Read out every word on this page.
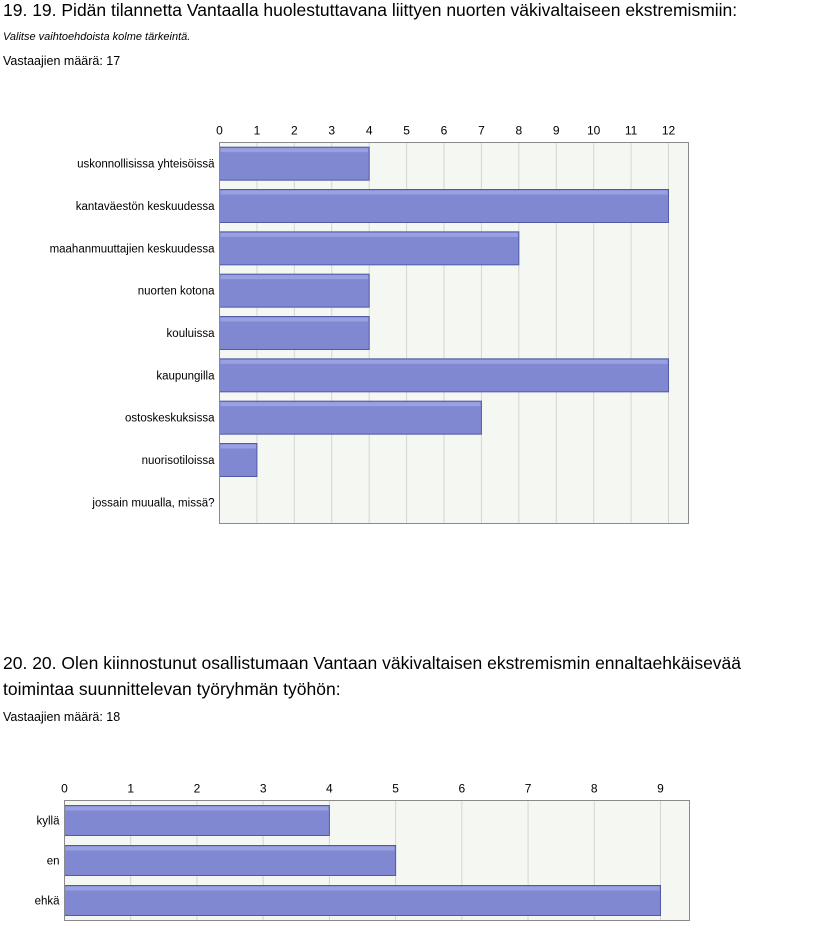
19. 19. Pidän tilannetta Vantaalla huolestuttavana liittyen nuorten väkivaltaiseen ekstremismiin:
Valitse vaihtoehdoista kolme tärkeintä.
Vastaajien määrä: 17
0	1	2	3	4	5	6	7	8	9 10 11 12
uskonnollisissa yhteisöissä
kantaväestön keskuudessa
maahanmuuttajien keskuudessa
nuorten kotona
kouluissa
kaupungilla
ostoskeskuksissa
nuorisotiloissa
jossain muualla, missä?
20. 20. Olen kiinnostunut osallistumaan Vantaan väkivaltaisen ekstremismin ennaltaehkäisevää
toimintaa suunnittelevan työryhmän työhön:
Vastaajien määrä: 18
0	1	2	3	4	5	6	7	8	9
kyllä
en
ehkä
